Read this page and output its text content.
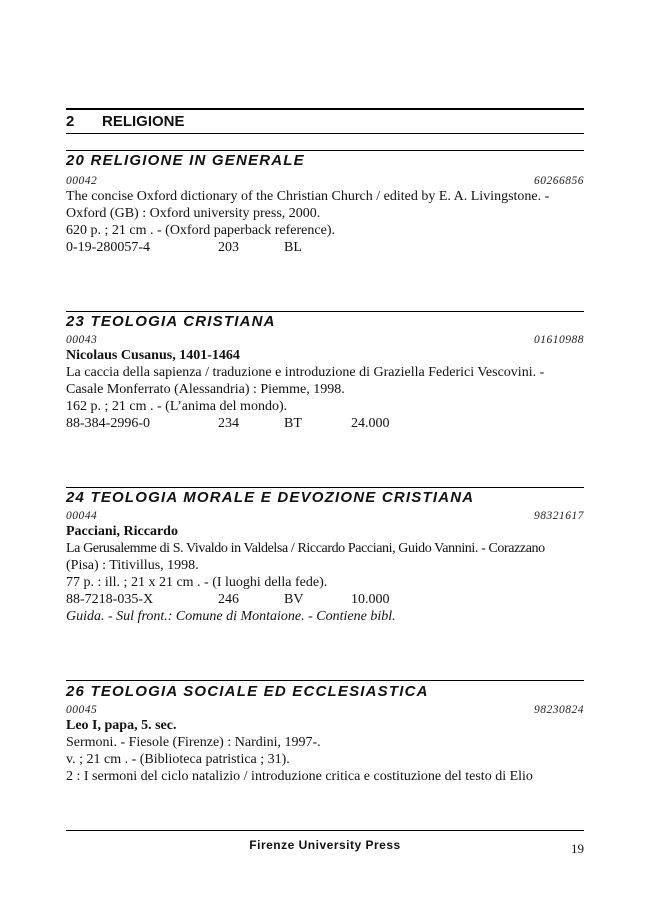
2 RELIGIONE
20 RELIGIONE IN GENERALE
00042	60266856
The concise Oxford dictionary of the Christian Church / edited by E. A. Livingstone. -
Oxford (GB) : Oxford university press, 2000.
620 p. ; 21 cm . - (Oxford paperback reference).
0-19-280057-4	203	BL
23 TEOLOGIA CRISTIANA
00043	01610988
Nicolaus Cusanus, 1401-1464
La caccia della sapienza / traduzione e introduzione di Graziella Federici Vescovini. -
Casale Monferrato (Alessandria) : Piemme, 1998.
162 p. ; 21 cm . - (L’anima del mondo).
88-384-2996-0	234	BT	24.000
24 TEOLOGIA MORALE E DEVOZIONE CRISTIANA
00044	98321617
Pacciani, Riccardo
La Gerusalemme di S. Vivaldo in Valdelsa / Riccardo Pacciani, Guido Vannini. - Corazzano
(Pisa) : Titivillus, 1998.
77 p. : ill. ; 21 x 21 cm . - (I luoghi della fede).
88-7218-035-X	246	BV	10.000
Guida. - Sul front.: Comune di Montaione. - Contiene bibl.
26 TEOLOGIA SOCIALE ED ECCLESIASTICA
00045	98230824
Leo I, papa, 5. sec.
Sermoni. - Fiesole (Firenze) : Nardini, 1997-.
v. ; 21 cm . - (Biblioteca patristica ; 31).
2 : I sermoni del ciclo natalizio / introduzione critica e costituzione del testo di Elio
Firenze University Press	19
